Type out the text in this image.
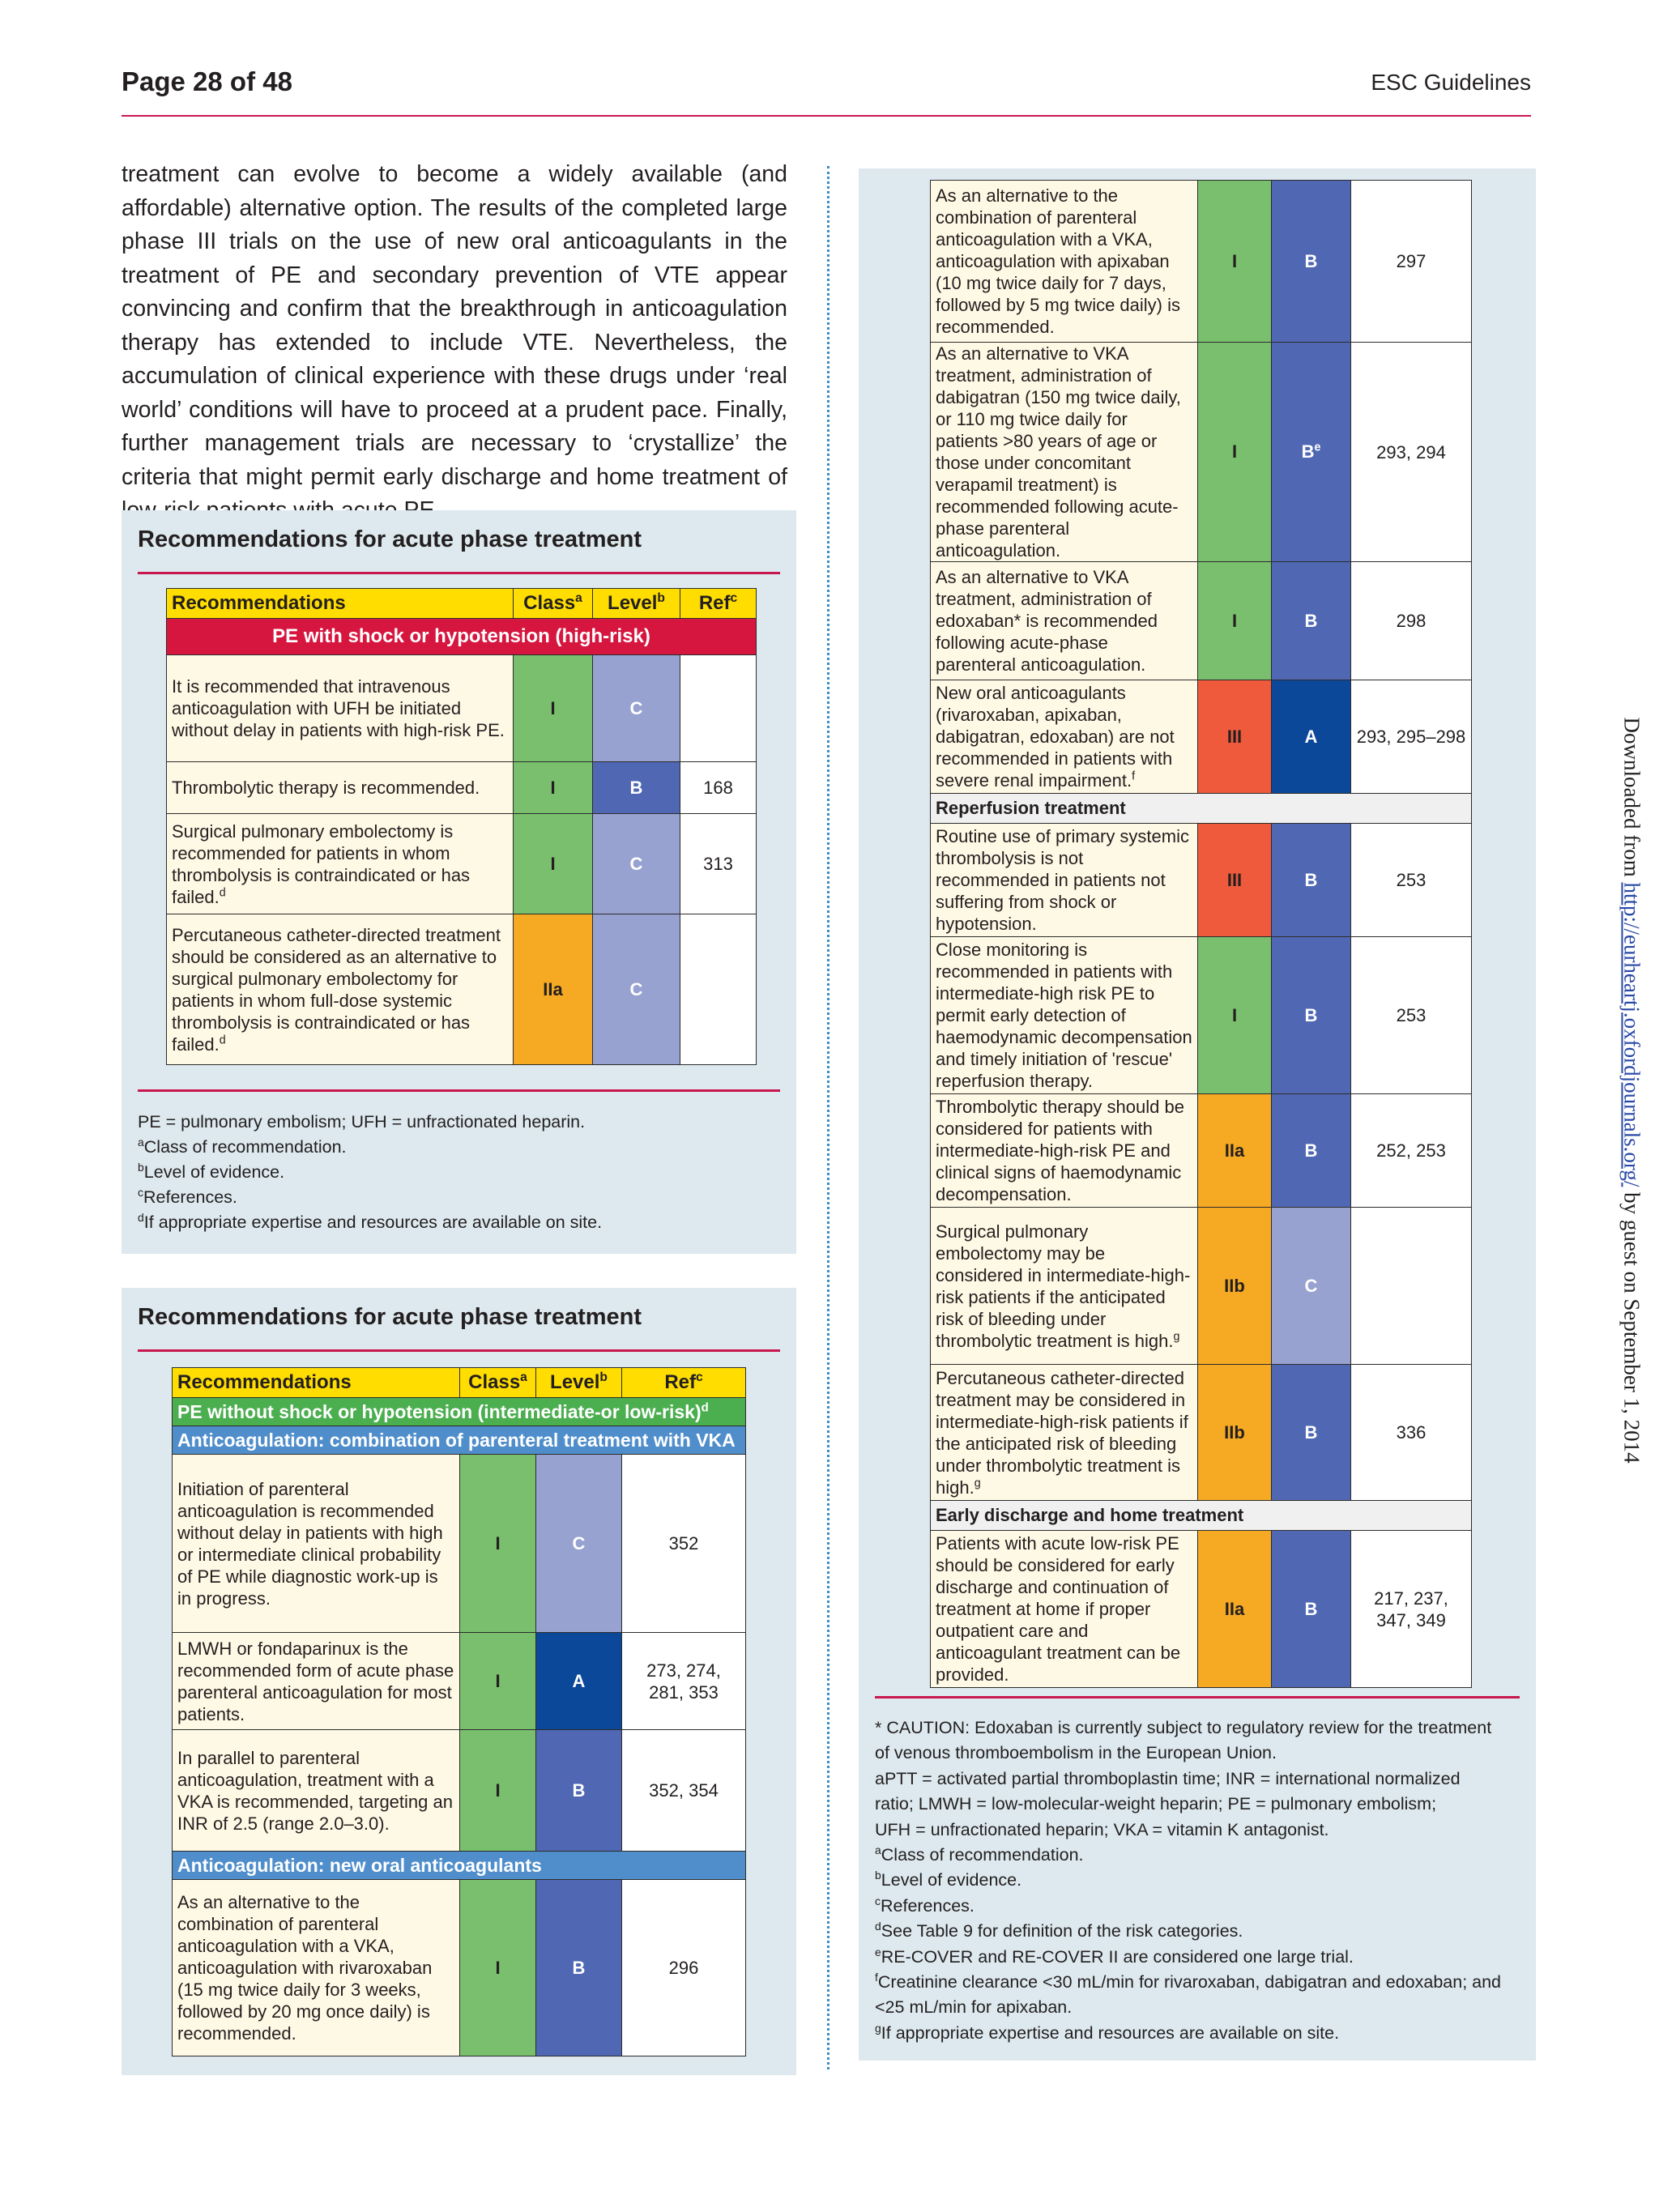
Page 28 of 48	ESC Guidelines

treatment can evolve to become a widely available (and affordable) alternative option. The results of the completed large phase III trials on the use of new oral anticoagulants in the treatment of PE and secondary prevention of VTE appear convincing and confirm that the breakthrough in anticoagulation therapy has extended to include VTE. Nevertheless, the accumulation of clinical experience with these drugs under ‘real world’ conditions will have to proceed at a prudent pace. Finally, further management trials are necessary to ‘crystallize’ the criteria that might permit early discharge and home treatment of

Recommendations for acute phase treatment
Recommendations	Class$^a$	Level$^b$	Ref$^c$
PE with shock or hypotension (high-risk)			
It is recommended that intravenous anticoagulation with UFH be initiated without delay in patients with high-risk PE.	I	C	
Thrombolytic therapy is recommended.	I	B	168
Surgical pulmonary embolectomy is recommended for patients in whom thrombolysis is contraindicated or has failed.$^d$	I	C	313
Percutaneous catheter-directed treatment should be considered as an alternative to surgical pulmonary embolectomy for patients in whom full-dose systemic thrombolysis is contraindicated or has failed.$^d$	IIa	C	
PE = pulmonary embolism; UFH = unfractionated heparin.
$^a$Class of recommendation.
$^b$Level of evidence.
$^c$References.
$^d$If appropriate expertise and resources are available on site.
Recommendations for acute phase treatment
Recommendations	Class$^a$	Level$^b$	Ref$^c$
PE without shock or hypotension (intermediate-or low-risk)$^d$
Anticoagulation: combination of parenteral treatment with VKA			
Initiation of parenteral anticoagulation is recommended without delay in patients with high or intermediate clinical probability of PE while diagnostic work-up is in progress.	I	C	352
LMWH or fondaparinux is the recommended form of acute phase parenteral anticoagulation for most patients.	I	A	273, 274, 281, 353
In parallel to parenteral anticoagulation, treatment with a VKA is recommended, targeting an INR of 2.5 (range 2.0–3.0).	I	B	352, 354
Anticoagulation: new oral anticoagulants			
As an alternative to the combination of parenteral anticoagulation with a VKA, anticoagulation with rivaroxaban (15 mg twice daily for 3 weeks, followed by 20 mg once daily) is recommended.	I	B	296
As an alternative to the combination of parenteral anticoagulation with a VKA, anticoagulation with apixaban (10 mg twice daily for 7 days, followed by 5 mg twice daily) is recommended.	I	B	297
As an alternative to VKA treatment, administration of dabigatran (150 mg twice daily, or 110 mg twice daily for patients >80 years of age or those under concomitant verapamil treatment) is recommended following acute-phase parenteral anticoagulation.	I	$B^e$	293, 294
As an alternative to VKA treatment, administration of edoxaban* is recommended following acute-phase parenteral anticoagulation.	I	B	298
New oral anticoagulants (rivaroxaban, apixaban, dabigatran, edoxaban) are not recommended in patients with severe renal impairment.$^f$	III	A	293, 295–298
Reperfusion treatment			
Routine use of primary systemic thrombolysis is not recommended in patients not suffering from shock or hypotension.	III	B	253
Close monitoring is recommended in patients with intermediate-high risk PE to permit early detection of haemodynamic decompensation and timely initiation of 'rescue' reperfusion therapy.	I	B	253
Thrombolytic therapy should be considered for patients with intermediate-high-risk PE and clinical signs of haemodynamic decompensation.	IIa	B	252, 253
Surgical pulmonary embolectomy may be considered in intermediate-high-risk patients if the anticipated risk of bleeding under thrombolytic treatment is high.$^g$	IIb	C	
Percutaneous catheter-directed treatment may be considered in intermediate-high-risk patients if the anticipated risk of bleeding under thrombolytic treatment is high.$^g$	IIb	B	336
Early discharge and home treatment			
Patients with acute low-risk PE should be considered for early discharge and continuation of treatment at home if proper outpatient care and anticoagulant treatment can be provided.	IIa	B	217, 237, 347, 349
* CAUTION: Edoxaban is currently subject to regulatory review for the treatment
of venous thromboembolism in the European Union.
aPTT = activated partial thromboplastin time; INR = international normalized
ratio; LMWH = low-molecular-weight heparin; PE = pulmonary embolism;
UFH = unfractionated heparin; VKA = vitamin K antagonist.
$^a$Class of recommendation.
$^b$Level of evidence.
$^c$References.
$^d$See Table 9 for definition of the risk categories.
$^e$RE-COVER and RE-COVER II are considered one large trial.
$^f$Creatinine clearance <30 mL/min for rivaroxaban, dabigatran and edoxaban; and
<25 mL/min for apixaban.
$^g$If appropriate expertise and resources are available on site.
Downloaded from http://eurheartj.oxfordjournals.org/ by guest on September 1, 2014
